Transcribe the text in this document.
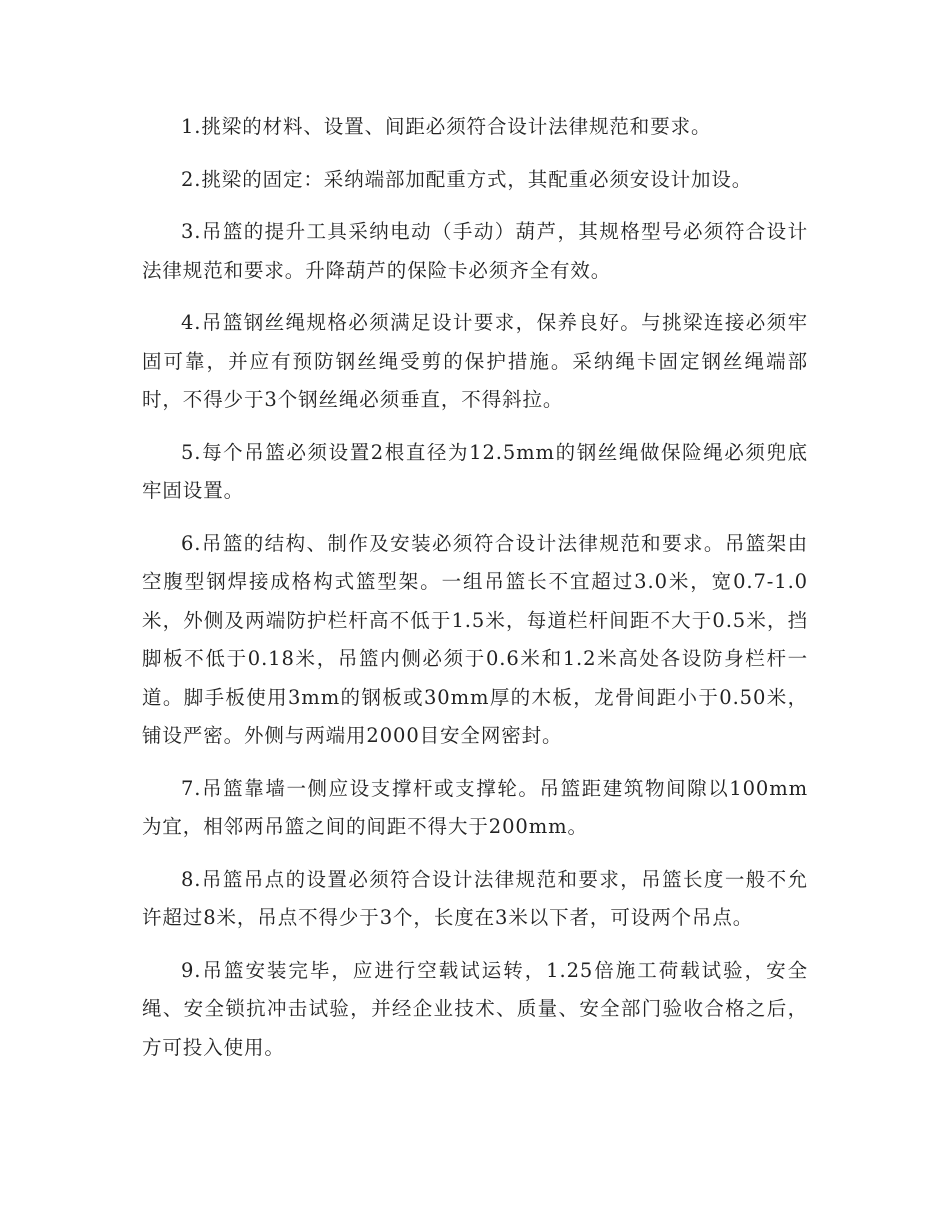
1.挑梁的材料、设置、间距必须符合设计法律规范和要求。

2.挑梁的固定：采纳端部加配重方式，其配重必须安设计加设。

3.吊篮的提升工具采纳电动（手动）葫芦，其规格型号必须符合设计法律规范和要求。升降葫芦的保险卡必须齐全有效。

4.吊篮钢丝绳规格必须满足设计要求，保养良好。与挑梁连接必须牢固可靠，并应有预防钢丝绳受剪的保护措施。采纳绳卡固定钢丝绳端部时，不得少于3个钢丝绳必须垂直，不得斜拉。

5.每个吊篮必须设置2根直径为12.5mm的钢丝绳做保险绳必须兜底牢固设置。

6.吊篮的结构、制作及安装必须符合设计法律规范和要求。吊篮架由空腹型钢焊接成格构式篮型架。一组吊篮长不宜超过3.0米，宽0.7-1.0米，外侧及两端防护栏杆高不低于1.5米，每道栏杆间距不大于0.5米，挡脚板不低于0.18米，吊篮内侧必须于0.6米和1.2米高处各设防身栏杆一道。脚手板使用3mm的钢板或30mm厚的木板，龙骨间距小于0.50米，铺设严密。外侧与两端用2000目安全网密封。

7.吊篮靠墙一侧应设支撑杆或支撑轮。吊篮距建筑物间隙以100mm为宜，相邻两吊篮之间的间距不得大于200mm。

8.吊篮吊点的设置必须符合设计法律规范和要求，吊篮长度一般不允许超过8米，吊点不得少于3个，长度在3米以下者，可设两个吊点。

9.吊篮安装完毕，应进行空载试运转，1.25倍施工荷载试验，安全绳、安全锁抗冲击试验，并经企业技术、质量、安全部门验收合格之后，方可投入使用。
